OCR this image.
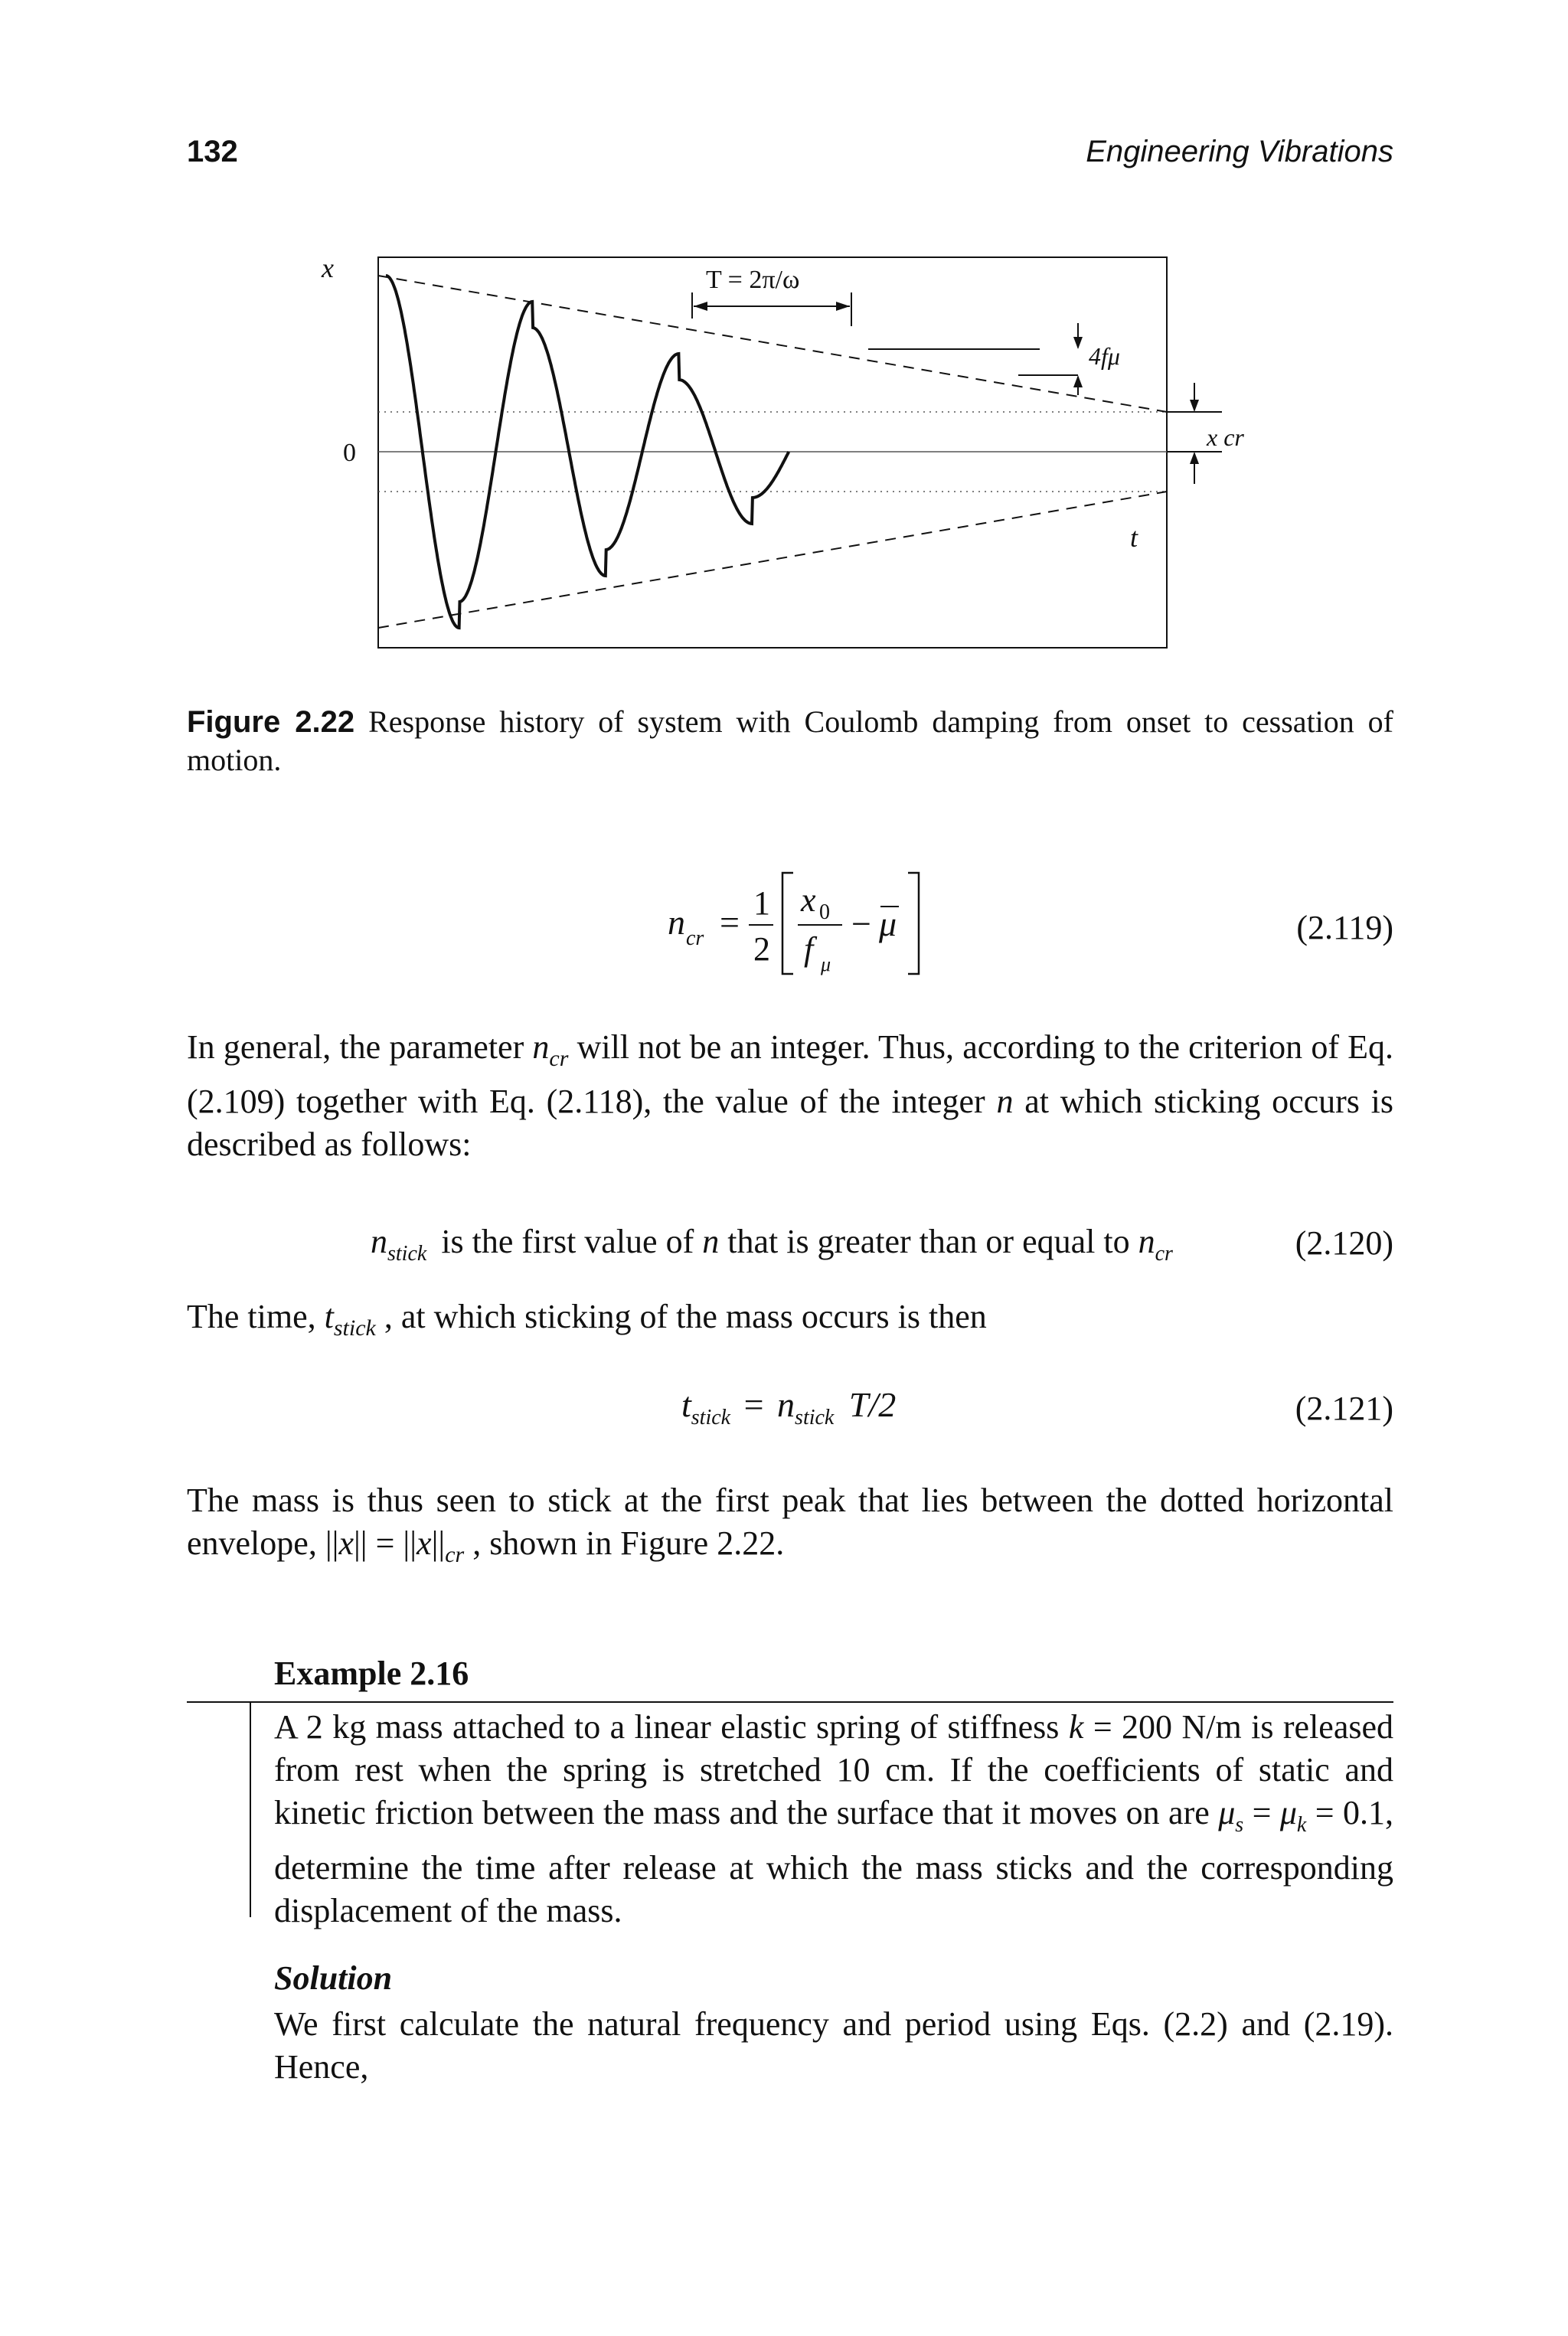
132	Engineering Vibrations
T = 2π/ω
4fμ
x cr
x
0
t
Figure 2.22 Response history of system with Coulomb damping from onset to cessation of motion.
n cr = 1
2
x 0
f μ
− μ	(2.119)
In general, the parameter $n_{cr}$ will not be an integer. Thus, according to the criterion of Eq. (2.109) together with Eq. (2.118), the value of the integer n at which sticking occurs is described as follows:
$n_{stick}$ is the first value of n that is greater than or equal to $n_{cr}$	(2.120)
The time, $t_{stick}$ , at which sticking of the mass occurs is then
$t_{stick} = n_{stick}$ T/2	(2.121)
The mass is thus seen to stick at the first peak that lies between the dotted horizontal envelope, $||x|| = ||x||_{cr}$ , shown in Figure 2.22.
Example 2.16
A 2 kg mass attached to a linear elastic spring of stiffness k = 200 N/m is released from rest when the spring is stretched 10 cm. If the coefficients of static and kinetic friction between the mass and the surface that it moves on are $\mu_s = \mu_k = 0.1$, determine the time after release at which the mass sticks and the corresponding displacement of the mass.
Solution
We first calculate the natural frequency and period using Eqs. (2.2) and (2.19). Hence,
